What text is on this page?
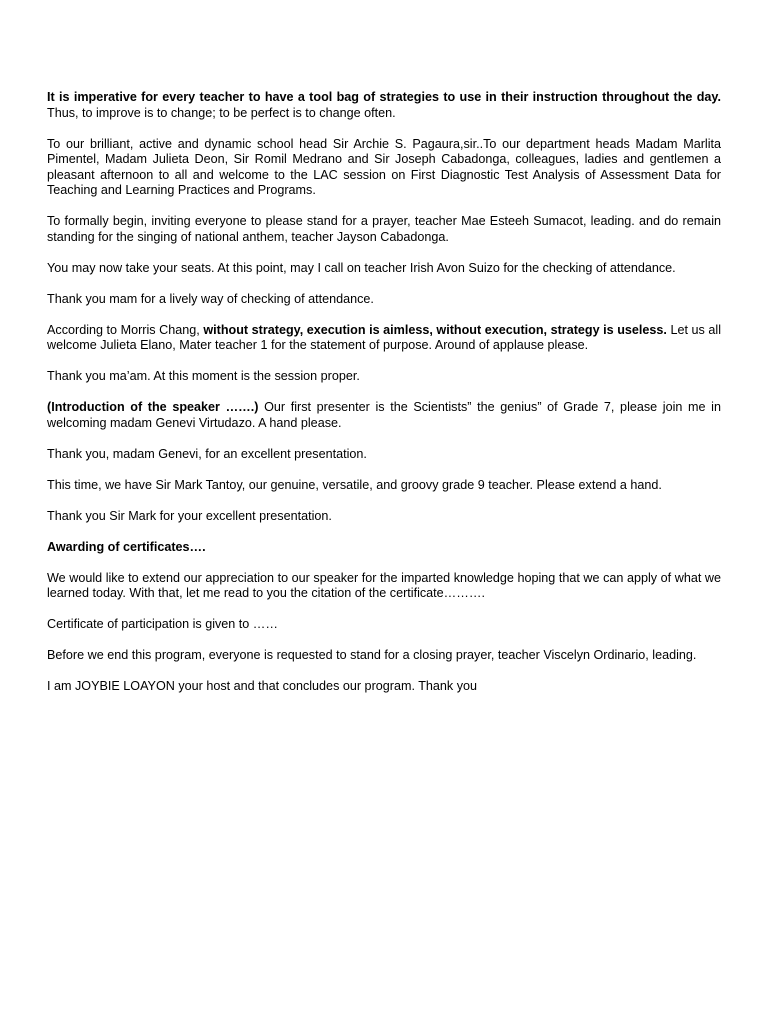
It is imperative for every teacher to have a tool bag of strategies to use in their instruction throughout the day. Thus, to improve is to change; to be perfect is to change often.

To our brilliant, active and dynamic school head Sir Archie S. Pagaura,sir..To our department heads Madam Marlita Pimentel, Madam Julieta Deon, Sir Romil Medrano and Sir Joseph Cabadonga, colleagues, ladies and gentlemen a pleasant afternoon to all and welcome to the LAC session on First Diagnostic Test Analysis of Assessment Data for Teaching and Learning Practices and Programs.

To formally begin, inviting everyone to please stand for a prayer, teacher Mae Esteeh Sumacot, leading. and do remain standing for the singing of national anthem, teacher Jayson Cabadonga.

You may now take your seats. At this point, may I call on teacher Irish Avon Suizo for the checking of attendance.

Thank you mam for a lively way of checking of attendance.

According to Morris Chang, without strategy, execution is aimless, without execution, strategy is useless. Let us all welcome Julieta Elano, Mater teacher 1 for the statement of purpose. Around of applause please.

Thank you ma’am. At this moment is the session proper.

(Introduction of the speaker …….) Our first presenter is the Scientists” the genius” of Grade 7, please join me in welcoming madam Genevi Virtudazo. A hand please.

Thank you, madam Genevi, for an excellent presentation.

This time, we have Sir Mark Tantoy, our genuine, versatile, and groovy grade 9 teacher. Please extend a hand.

Thank you Sir Mark for your excellent presentation.

Awarding of certificates….

We would like to extend our appreciation to our speaker for the imparted knowledge hoping that we can apply of what we learned today. With that, let me read to you the citation of the certificate……….

Certificate of participation is given to ……

Before we end this program, everyone is requested to stand for a closing prayer, teacher Viscelyn Ordinario, leading.

I am JOYBIE LOAYON your host and that concludes our program. Thank you
